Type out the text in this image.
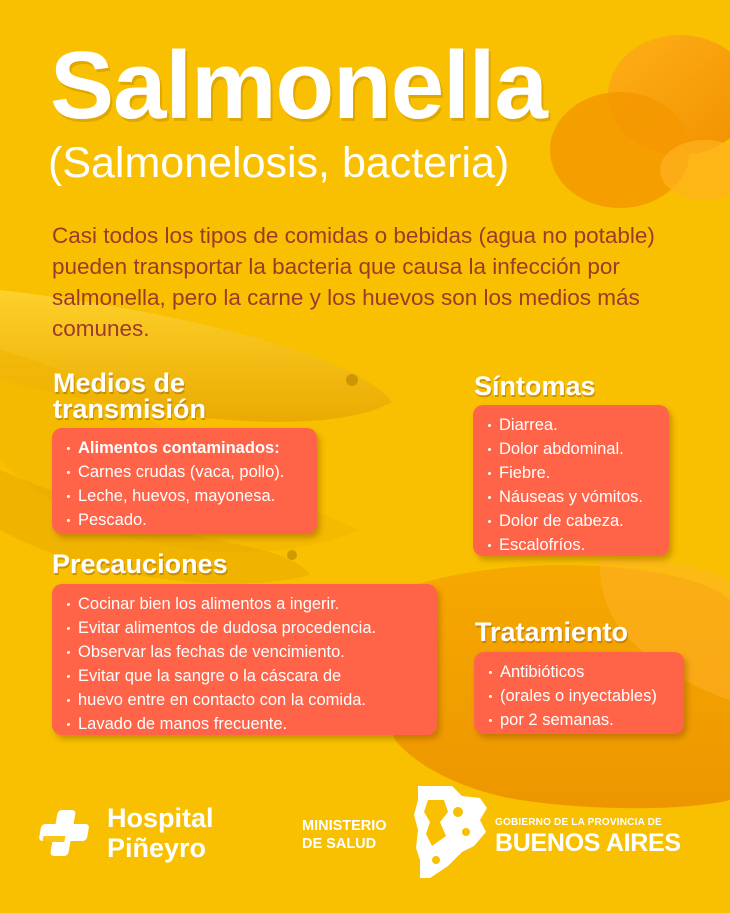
Salmonella
(Salmonelosis, bacteria)

Casi todos los tipos de comidas o bebidas (agua no potable) pueden transportar la bacteria que causa la infección por salmonella, pero la carne y los huevos son los medios más comunes.

Medios de
transmisión
Alimentos contaminados:
Carnes crudas (vaca, pollo).
Leche, huevos, mayonesa.
Pescado.
Síntomas
Diarrea.
Dolor abdominal.
Fiebre.
Náuseas y vómitos.
Dolor de cabeza.
Escalofríos.
Precauciones
Cocinar bien los alimentos a ingerir.
Evitar alimentos de dudosa procedencia.
Observar las fechas de vencimiento.
Evitar que la sangre o la cáscara de
huevo entre en contacto con la comida.
Lavado de manos frecuente.
Tratamiento
Antibióticos
(orales o inyectables)
por 2 semanas.
Hospital
Piñeyro
MINISTERIO
DE SALUD
GOBIERNO DE LA PROVINCIA DE
BUENOS AIRES
